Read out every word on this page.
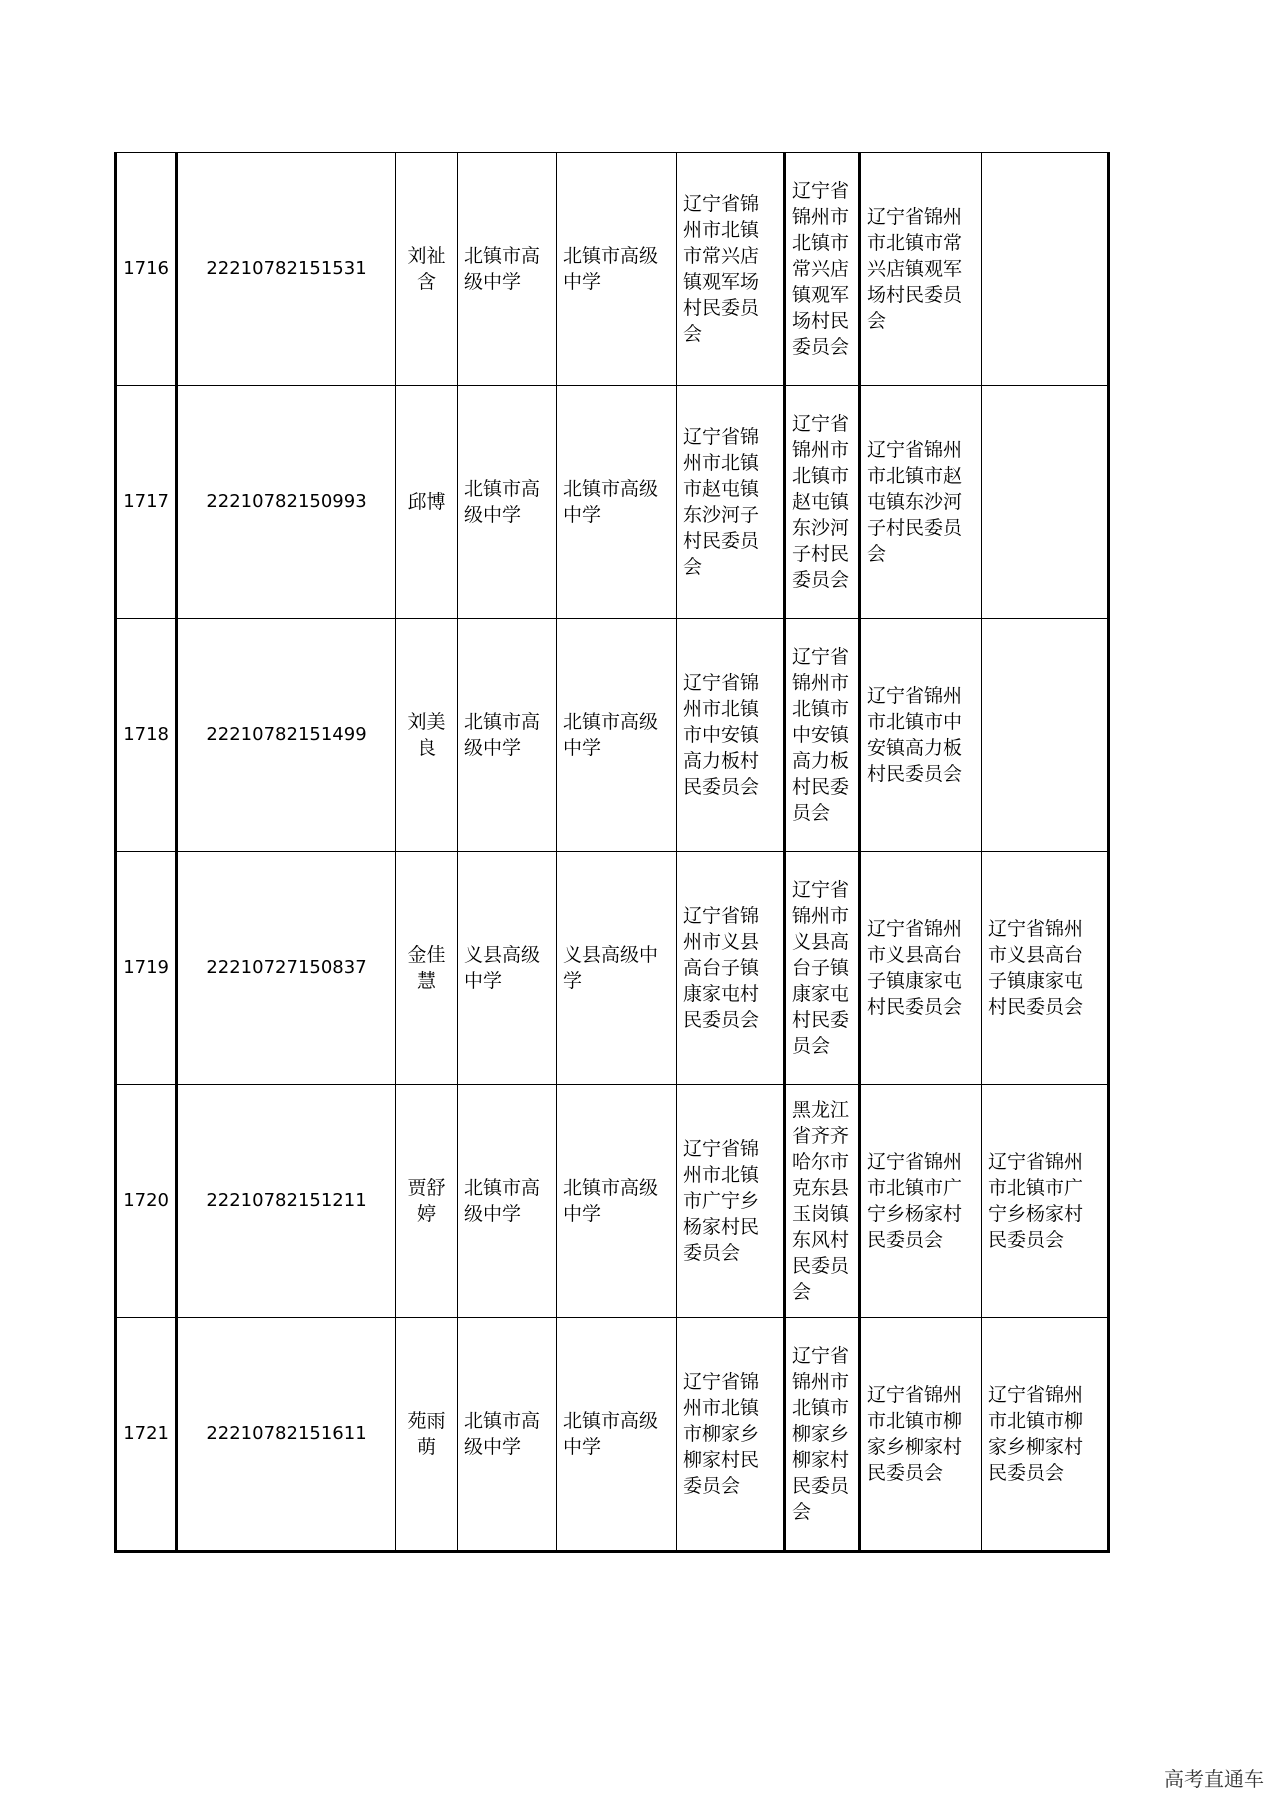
1716	22210782151531	刘祉含	北镇市高级中学	北镇市高级中学	辽宁省锦州市北镇市常兴店镇观军场村民委员会	辽宁省锦州市北镇市常兴店镇观军场村民委员会	辽宁省锦州市北镇市常兴店镇观军场村民委员会	
1717	22210782150993	邱博	北镇市高级中学	北镇市高级中学	辽宁省锦州市北镇市赵屯镇东沙河子村民委员会	辽宁省锦州市北镇市赵屯镇东沙河子村民委员会	辽宁省锦州市北镇市赵屯镇东沙河子村民委员会	
1718	22210782151499	刘美良	北镇市高级中学	北镇市高级中学	辽宁省锦州市北镇市中安镇高力板村民委员会	辽宁省锦州市北镇市中安镇高力板村民委员会	辽宁省锦州市北镇市中安镇高力板村民委员会	
1719	22210727150837	金佳慧	义县高级中学	义县高级中学	辽宁省锦州市义县高台子镇康家屯村民委员会	辽宁省锦州市义县高台子镇康家屯村民委员会	辽宁省锦州市义县高台子镇康家屯村民委员会	辽宁省锦州市义县高台子镇康家屯村民委员会
1720	22210782151211	贾舒婷	北镇市高级中学	北镇市高级中学	辽宁省锦州市北镇市广宁乡杨家村民委员会	黑龙江省齐齐哈尔市克东县玉岗镇东风村民委员会	辽宁省锦州市北镇市广宁乡杨家村民委员会	辽宁省锦州市北镇市广宁乡杨家村民委员会
1721	22210782151611	苑雨萌	北镇市高级中学	北镇市高级中学	辽宁省锦州市北镇市柳家乡柳家村民委员会	辽宁省锦州市北镇市柳家乡柳家村民委员会	辽宁省锦州市北镇市柳家乡柳家村民委员会	辽宁省锦州市北镇市柳家乡柳家村民委员会
高考直通车
